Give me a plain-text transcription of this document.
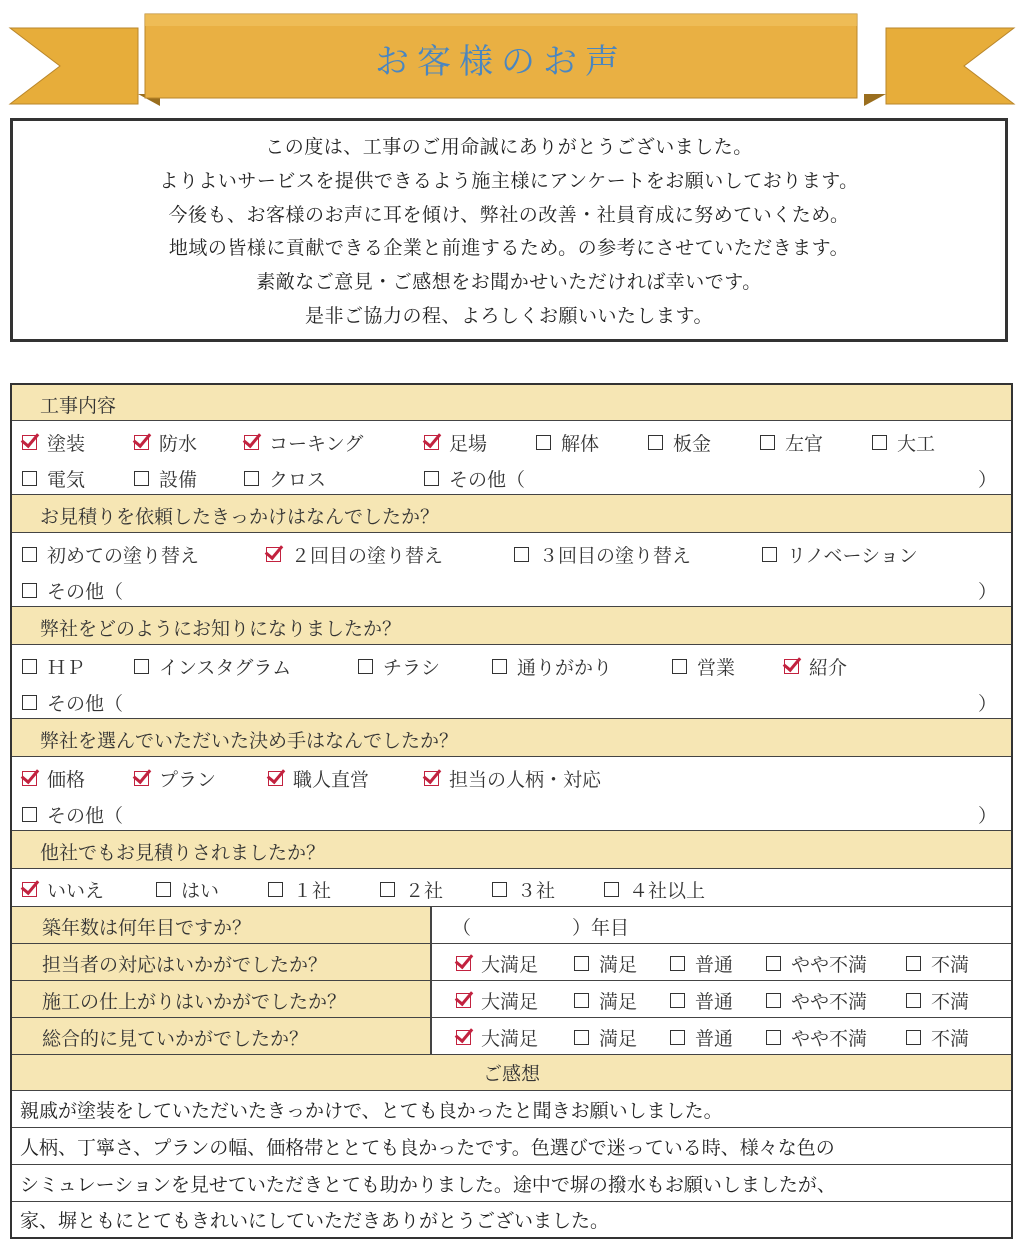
お客様のお声
この度は、工事のご用命誠にありがとうございました。
よりよいサービスを提供できるよう施主様にアンケートをお願いしております。
今後も、お客様のお声に耳を傾け、弊社の改善・社員育成に努めていくため。
地域の皆様に貢献できる企業と前進するため。の参考にさせていただきます。
素敵なご意見・ご感想をお聞かせいただければ幸いです。
是非ご協力の程、よろしくお願いいたします。
工事内容
塗装	防水	コーキング	足場	解体	板金	左官	大工
電気	設備	クロス	その他（	）
お見積りを依頼したきっかけはなんでしたか？
初めての塗り替え	２回目の塗り替え	３回目の塗り替え	リノベーション
その他（	）
弊社をどのようにお知りになりましたか？
ＨＰ	インスタグラム	チラシ	通りがかり	営業	紹介
その他（	）
弊社を選んでいただいた決め手はなんでしたか？
価格	プラン	職人直営	担当の人柄・対応
その他（	）
他社でもお見積りされましたか？
いいえ	はい	１社	２社	３社	４社以上
築年数は何年目ですか？	（	）年目
担当者の対応はいかがでしたか？	大満足	満足	普通	やや不満	不満
施工の仕上がりはいかがでしたか？	大満足	満足	普通	やや不満	不満
総合的に見ていかがでしたか？	大満足	満足	普通	やや不満	不満
ご感想
親戚が塗装をしていただいたきっかけで、とても良かったと聞きお願いしました。
人柄、丁寧さ、プランの幅、価格帯ととても良かったです。色選びで迷っている時、様々な色の
シミュレーションを見せていただきとても助かりました。途中で塀の撥水もお願いしましたが、
家、塀ともにとてもきれいにしていただきありがとうございました。
